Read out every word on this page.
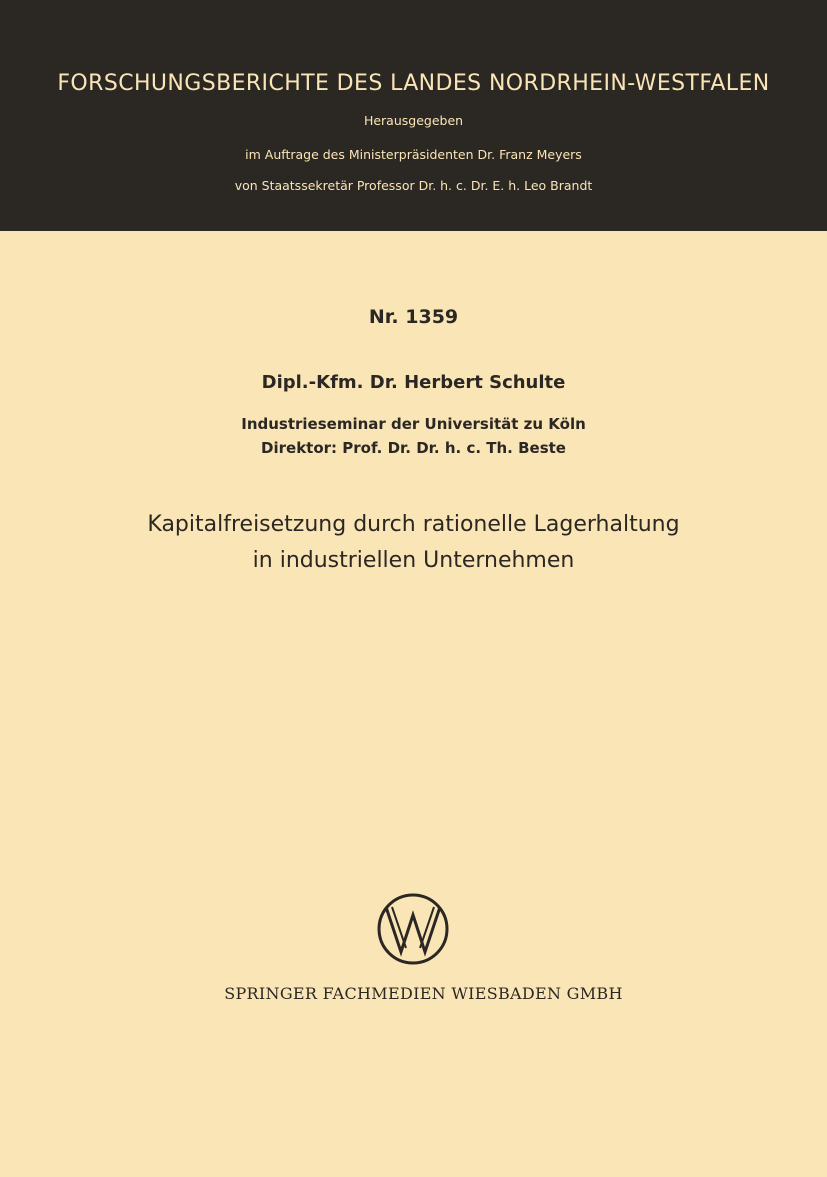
FORSCHUNGSBERICHTE DES LANDES NORDRHEIN-WESTFALEN
Herausgegeben
im Auftrage des Ministerpräsidenten Dr. Franz Meyers
von Staatssekretär Professor Dr. h. c. Dr. E. h. Leo Brandt
Nr. 1359
Dipl.-Kfm. Dr. Herbert Schulte
Industrieseminar der Universität zu Köln
Direktor: Prof. Dr. Dr. h. c. Th. Beste
Kapitalfreisetzung durch rationelle Lagerhaltung
in industriellen Unternehmen
SPRINGER FACHMEDIEN WIESBADEN GMBH
